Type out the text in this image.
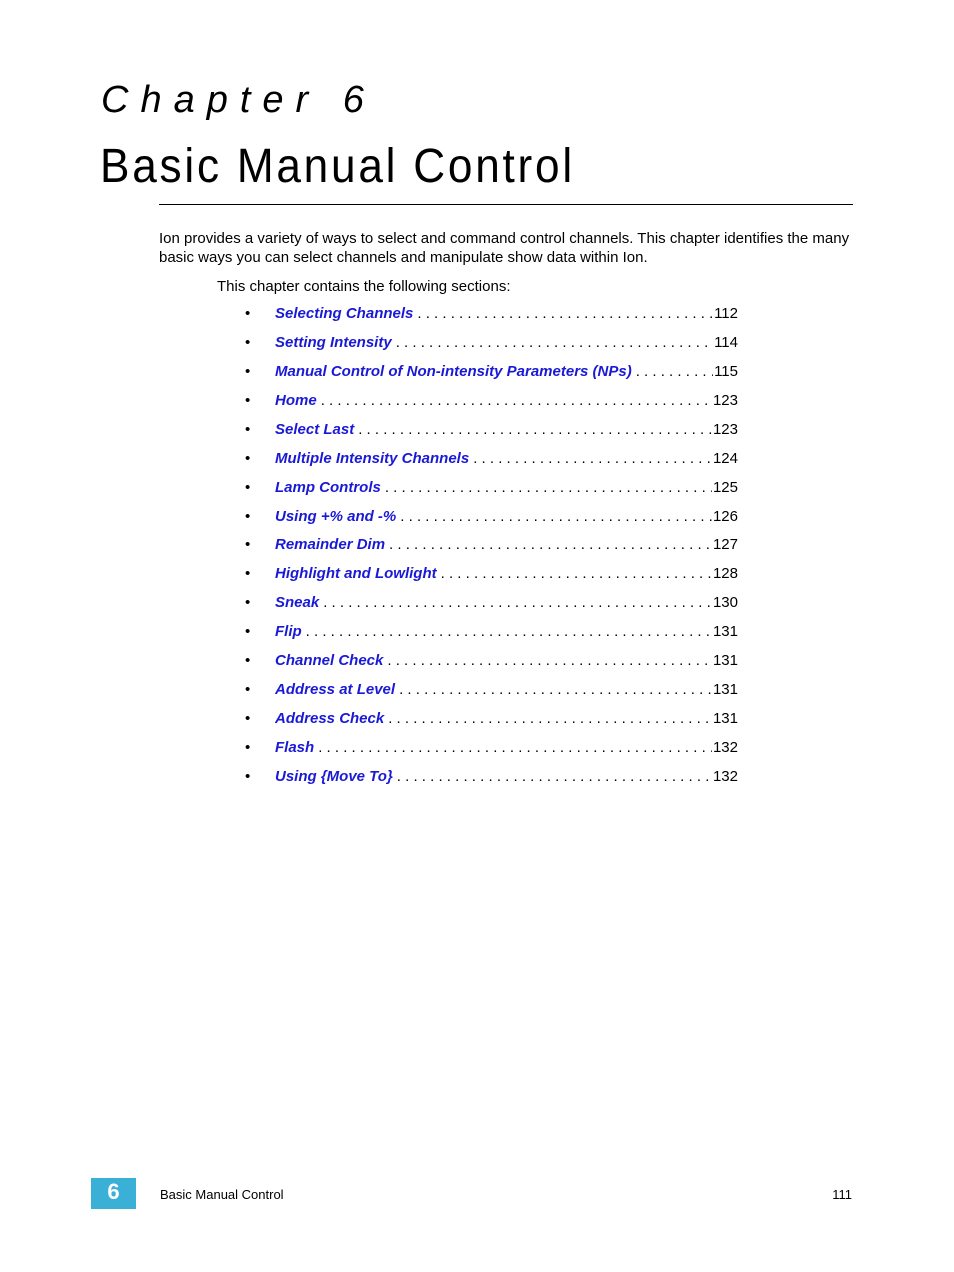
Chapter 6
Basic Manual Control

Ion provides a variety of ways to select and command control channels. This chapter identifies the many basic ways you can select channels and manipulate show data within Ion.

This chapter contains the following sections:

•	Selecting Channels . . .	112
•	Setting Intensity . . .	114
•	Manual Control of Non-intensity Parameters (NPs) . . .	115
•	Home . . .	123
•	Select Last . . .	123
•	Multiple Intensity Channels . . .	124
•	Lamp Controls . . .	125
•	Using +% and -% . . .	126
•	Remainder Dim . . .	127
•	Highlight and Lowlight . . .	128
•	Sneak . . .	130
•	Flip . . .	131
•	Channel Check . . .	131
•	Address at Level . . .	131
•	Address Check . . .	131
•	Flash . . .	132
•	Using {Move To} . . .	132
6	Basic Manual Control	111
